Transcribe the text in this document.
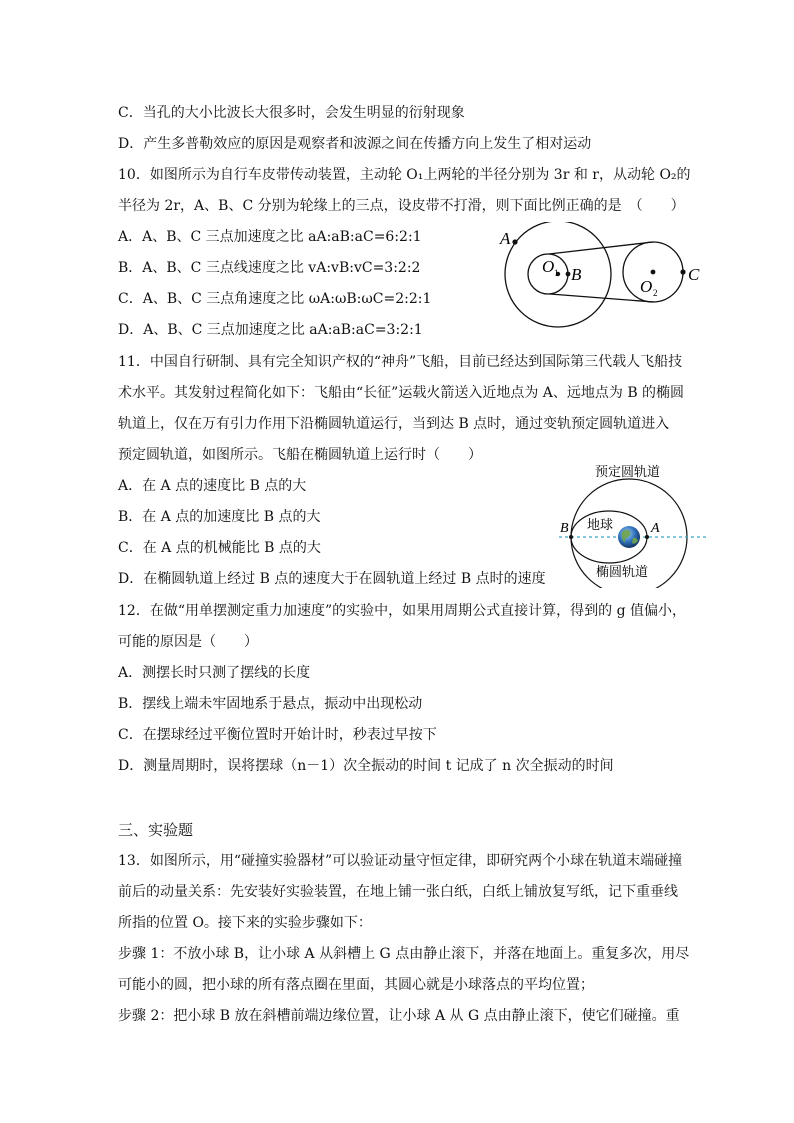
C．当孔的大小比波长大很多时，会发生明显的衍射现象
D．产生多普勒效应的原因是观察者和波源之间在传播方向上发生了相对运动
10．如图所示为自行车皮带传动装置，主动轮 O₁上两轮的半径分别为 3r 和 r，从动轮 O₂的
半径为 2r，A、B、C 分别为轮缘上的三点，设皮带不打滑，则下面比例正确的是　（　　）
A．A、B、C 三点加速度之比 aA:aB:aC=6:2:1
B．A、B、C 三点线速度之比 vA:vB:vC=3:2:2
C．A、B、C 三点角速度之比 ωA:ωB:ωC=2:2:1
D．A、B、C 三点加速度之比 aA:aB:aC=3:2:1
A
O 1 B
O 2
C
11．中国自行研制、具有完全知识产权的“神舟”飞船，目前已经达到国际第三代载人飞船技
术水平。其发射过程简化如下：飞船由“长征”运载火箭送入近地点为 A、远地点为 B 的椭圆
轨道上，仅在万有引力作用下沿椭圆轨道运行，当到达 B 点时，通过变轨预定圆轨道进入
预定圆轨道，如图所示。飞船在椭圆轨道上运行时（　　）
A．在 A 点的速度比 B 点的大
B．在 A 点的加速度比 B 点的大
C．在 A 点的机械能比 B 点的大
D．在椭圆轨道上经过 B 点的速度大于在圆轨道上经过 B 点时的速度
预定圆轨道
地球
椭圆轨道
B	A
12．在做“用单摆测定重力加速度”的实验中，如果用周期公式直接计算，得到的 g 值偏小，
可能的原因是（　　）
A．测摆长时只测了摆线的长度
B．摆线上端未牢固地系于悬点，振动中出现松动
C．在摆球经过平衡位置时开始计时，秒表过早按下
D．测量周期时，误将摆球（n－1）次全振动的时间 t 记成了 n 次全振动的时间
三、实验题
13．如图所示，用“碰撞实验器材”可以验证动量守恒定律，即研究两个小球在轨道末端碰撞
前后的动量关系：先安装好实验装置，在地上铺一张白纸，白纸上铺放复写纸，记下重垂线
所指的位置 O。接下来的实验步骤如下：
步骤 1：不放小球 B，让小球 A 从斜槽上 G 点由静止滚下，并落在地面上。重复多次，用尽
可能小的圆，把小球的所有落点圈在里面，其圆心就是小球落点的平均位置；
步骤 2：把小球 B 放在斜槽前端边缘位置，让小球 A 从 G 点由静止滚下，使它们碰撞。重
